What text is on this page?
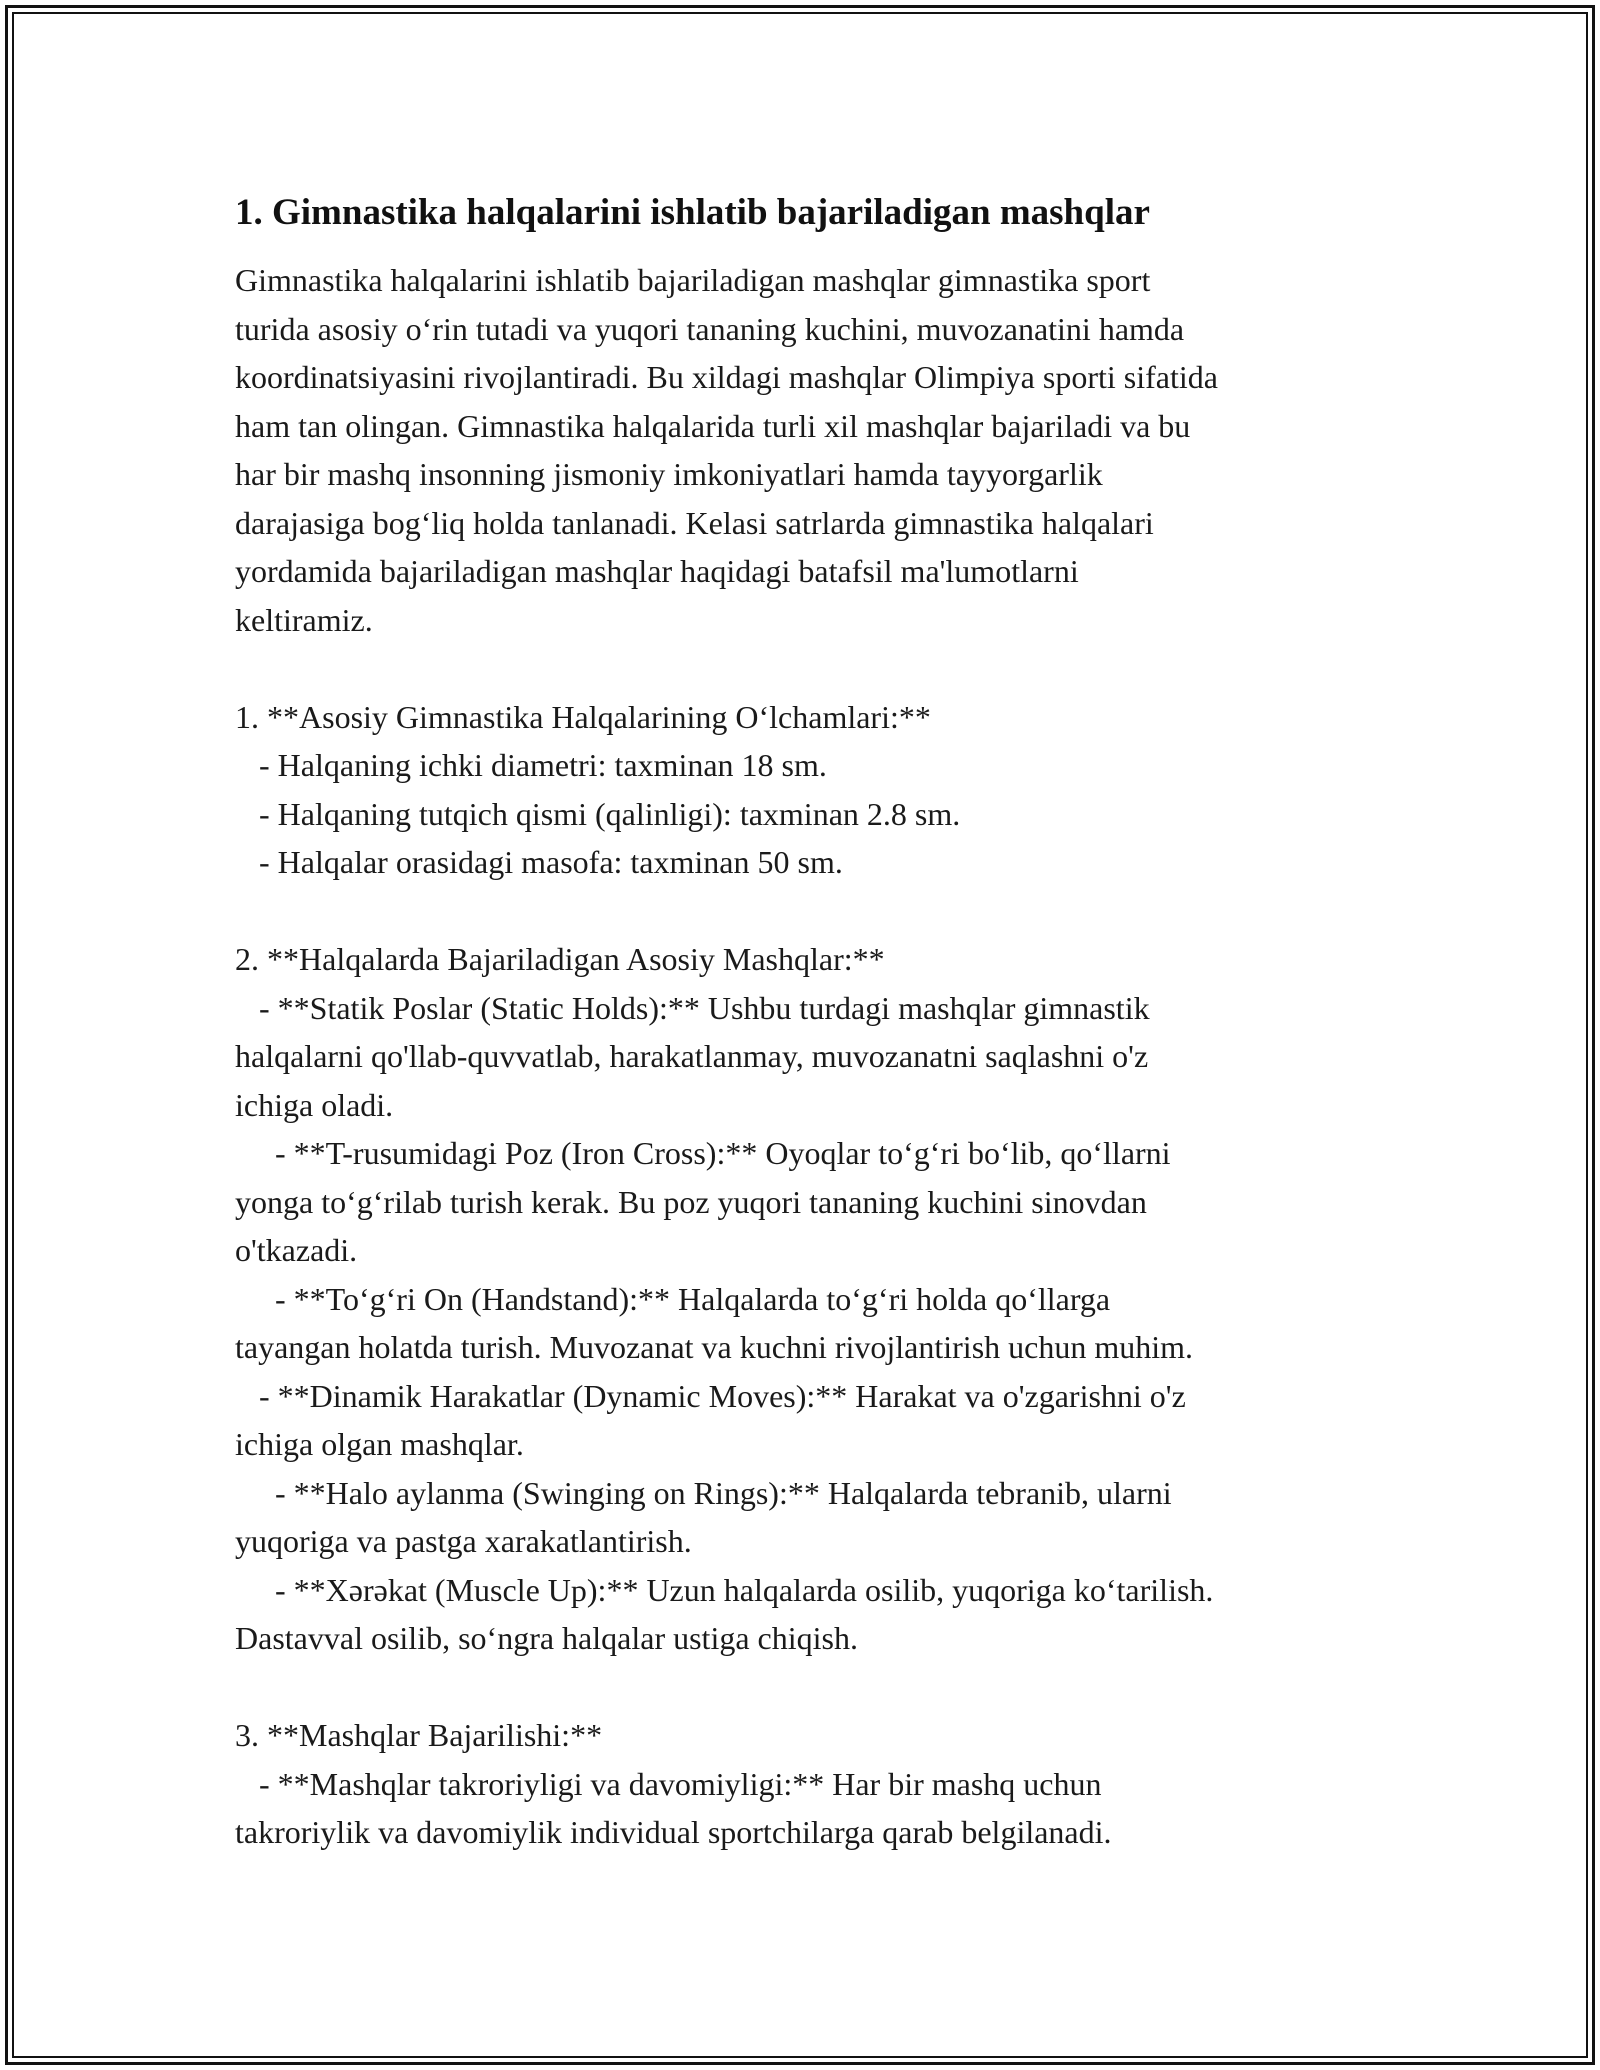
1. Gimnastika halqalarini ishlatib bajariladigan mashqlar

Gimnastika halqalarini ishlatib bajariladigan mashqlar gimnastika sport
turida asosiy o‘rin tutadi va yuqori tananing kuchini, muvozanatini hamda
koordinatsiyasini rivojlantiradi. Bu xildagi mashqlar Olimpiya sporti sifatida
ham tan olingan. Gimnastika halqalarida turli xil mashqlar bajariladi va bu
har bir mashq insonning jismoniy imkoniyatlari hamda tayyorgarlik
darajasiga bog‘liq holda tanlanadi. Kelasi satrlarda gimnastika halqalari
yordamida bajariladigan mashqlar haqidagi batafsil ma'lumotlarni
keltiramiz.

1. **Asosiy Gimnastika Halqalarining O‘lchamlari:**
- Halqaning ichki diametri: taxminan 18 sm.
- Halqaning tutqich qismi (qalinligi): taxminan 2.8 sm.
- Halqalar orasidagi masofa: taxminan 50 sm.

2. **Halqalarda Bajariladigan Asosiy Mashqlar:**
- **Statik Poslar (Static Holds):** Ushbu turdagi mashqlar gimnastik
halqalarni qo'llab-quvvatlab, harakatlanmay, muvozanatni saqlashni o'z
ichiga oladi.
- **T-rusumidagi Poz (Iron Cross):** Oyoqlar to‘g‘ri bo‘lib, qo‘llarni
yonga to‘g‘rilab turish kerak. Bu poz yuqori tananing kuchini sinovdan
o'tkazadi.
- **To‘g‘ri On (Handstand):** Halqalarda to‘g‘ri holda qo‘llarga
tayangan holatda turish. Muvozanat va kuchni rivojlantirish uchun muhim.
- **Dinamik Harakatlar (Dynamic Moves):** Harakat va o'zgarishni o'z
ichiga olgan mashqlar.
- **Halo aylanma (Swinging on Rings):** Halqalarda tebranib, ularni
yuqoriga va pastga xarakatlantirish.
- **Xərəkat (Muscle Up):** Uzun halqalarda osilib, yuqoriga ko‘tarilish.
Dastavval osilib, so‘ngra halqalar ustiga chiqish.

3. **Mashqlar Bajarilishi:**
- **Mashqlar takroriyligi va davomiyligi:** Har bir mashq uchun
takroriylik va davomiylik individual sportchilarga qarab belgilanadi.
